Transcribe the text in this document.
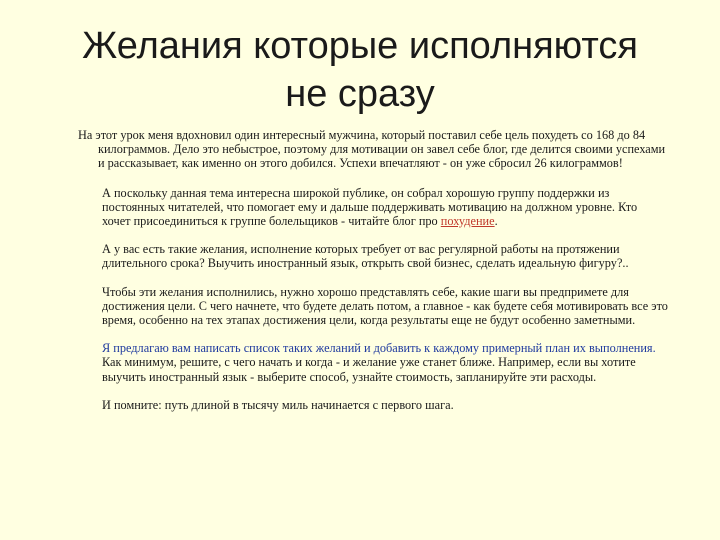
Желания которые исполняются
не сразу

На этот урок меня вдохновил один интересный мужчина, который поставил себе цель похудеть со 168 до 84 килограммов. Дело это небыстрое, поэтому для мотивации он завел себе блог, где делится своими успехами и рассказывает, как именно он этого добился. Успехи впечатляют - он уже сбросил 26 килограммов!

А поскольку данная тема интересна широкой публике, он собрал хорошую группу поддержки из постоянных читателей, что помогает ему и дальше поддерживать мотивацию на должном уровне. Кто хочет присоединиться к группе болельщиков - читайте блог про похудение.

А у вас есть такие желания, исполнение которых требует от вас регулярной работы на протяжении длительного срока? Выучить иностранный язык, открыть свой бизнес, сделать идеальную фигуру?..

Чтобы эти желания исполнились, нужно хорошо представлять себе, какие шаги вы предпримете для достижения цели. С чего начнете, что будете делать потом, а главное - как будете себя мотивировать все это время, особенно на тех этапах достижения цели, когда результаты еще не будут особенно заметными.

Я предлагаю вам написать список таких желаний и добавить к каждому примерный план их выполнения. Как минимум, решите, с чего начать и когда - и желание уже станет ближе. Например, если вы хотите выучить иностранный язык - выберите способ, узнайте стоимость, запланируйте эти расходы.

И помните: путь длиной в тысячу миль начинается с первого шага.
